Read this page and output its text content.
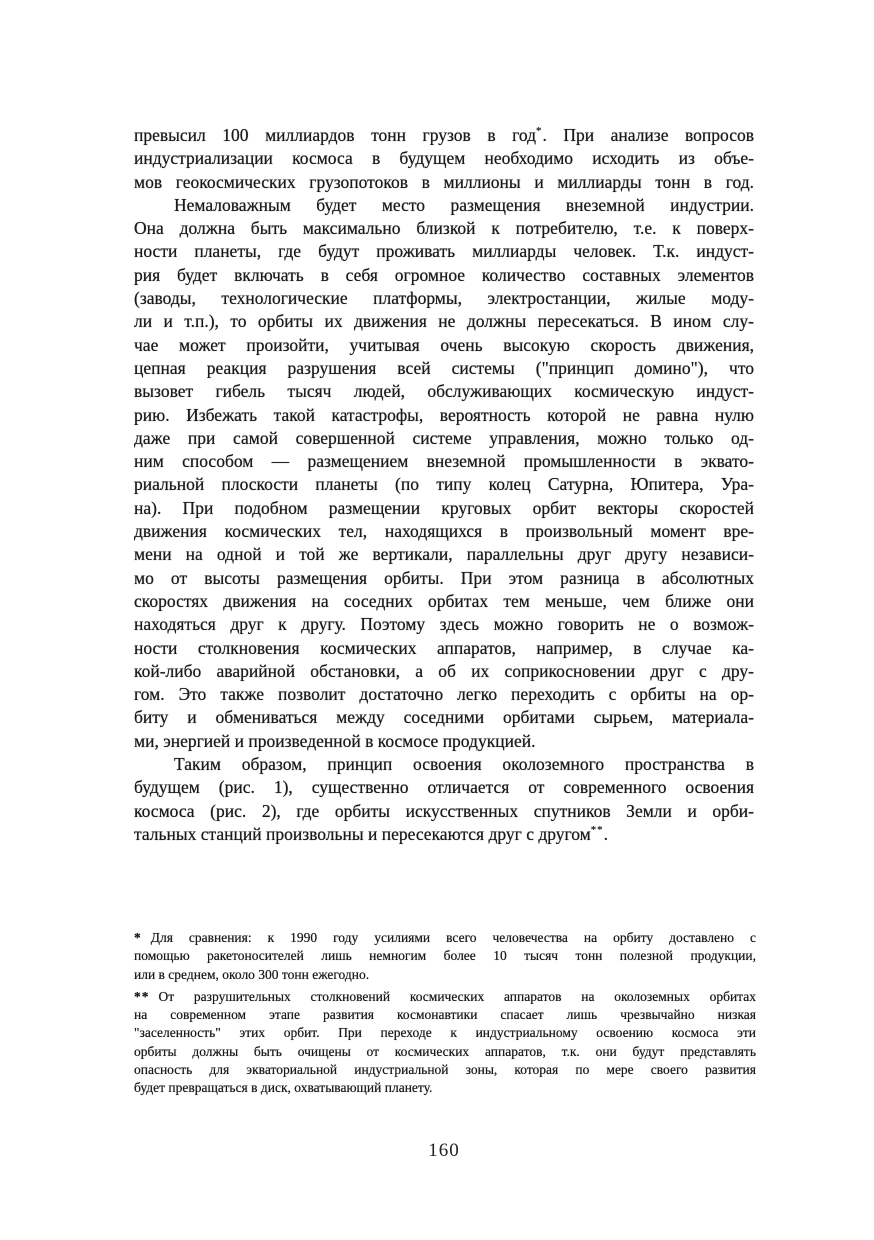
превысил 100 миллиардов тонн грузов в год*. При анализе вопросов
индустриализации космоса в будущем необходимо исходить из объе-
мов геокосмических грузопотоков в миллионы и миллиарды тонн в год.
Немаловажным будет место размещения внеземной индустрии.
Она должна быть максимально близкой к потребителю, т.е. к поверх-
ности планеты, где будут проживать миллиарды человек. Т.к. индуст-
рия будет включать в себя огромное количество составных элементов
(заводы, технологические платформы, электростанции, жилые моду-
ли и т.п.), то орбиты их движения не должны пересекаться. В ином слу-
чае может произойти, учитывая очень высокую скорость движения,
цепная реакция разрушения всей системы ("принцип домино"), что
вызовет гибель тысяч людей, обслуживающих космическую индуст-
рию. Избежать такой катастрофы, вероятность которой не равна нулю
даже при самой совершенной системе управления, можно только од-
ним способом — размещением внеземной промышленности в эквато-
риальной плоскости планеты (по типу колец Сатурна, Юпитера, Ура-
на). При подобном размещении круговых орбит векторы скоростей
движения космических тел, находящихся в произвольный момент вре-
мени на одной и той же вертикали, параллельны друг другу независи-
мо от высоты размещения орбиты. При этом разница в абсолютных
скоростях движения на соседних орбитах тем меньше, чем ближе они
находяться друг к другу. Поэтому здесь можно говорить не о возмож-
ности столкновения космических аппаратов, например, в случае ка-
кой-либо аварийной обстановки, а об их соприкосновении друг с дру-
гом. Это также позволит достаточно легко переходить с орбиты на ор-
биту и обмениваться между соседними орбитами сырьем, материала-
ми, энергией и произведенной в космосе продукцией.
Таким образом, принцип освоения околоземного пространства в
будущем (рис. 1), существенно отличается от современного освоения
космоса (рис. 2), где орбиты искусственных спутников Земли и орби-
тальных станций произвольны и пересекаются друг с другом**.
* Для сравнения: к 1990 году усилиями всего человечества на орбиту доставлено с
помощью ракетоносителей лишь немногим более 10 тысяч тонн полезной продукции,
или в среднем, около 300 тонн ежегодно.
** От разрушительных столкновений космических аппаратов на околоземных орбитах
на современном этапе развития космонавтики спасает лишь чрезвычайно низкая
"заселенность" этих орбит. При переходе к индустриальному освоению космоса эти
орбиты должны быть очищены от космических аппаратов, т.к. они будут представлять
опасность для экваториальной индустриальной зоны, которая по мере своего развития
будет превращаться в диск, охватывающий планету.
160
